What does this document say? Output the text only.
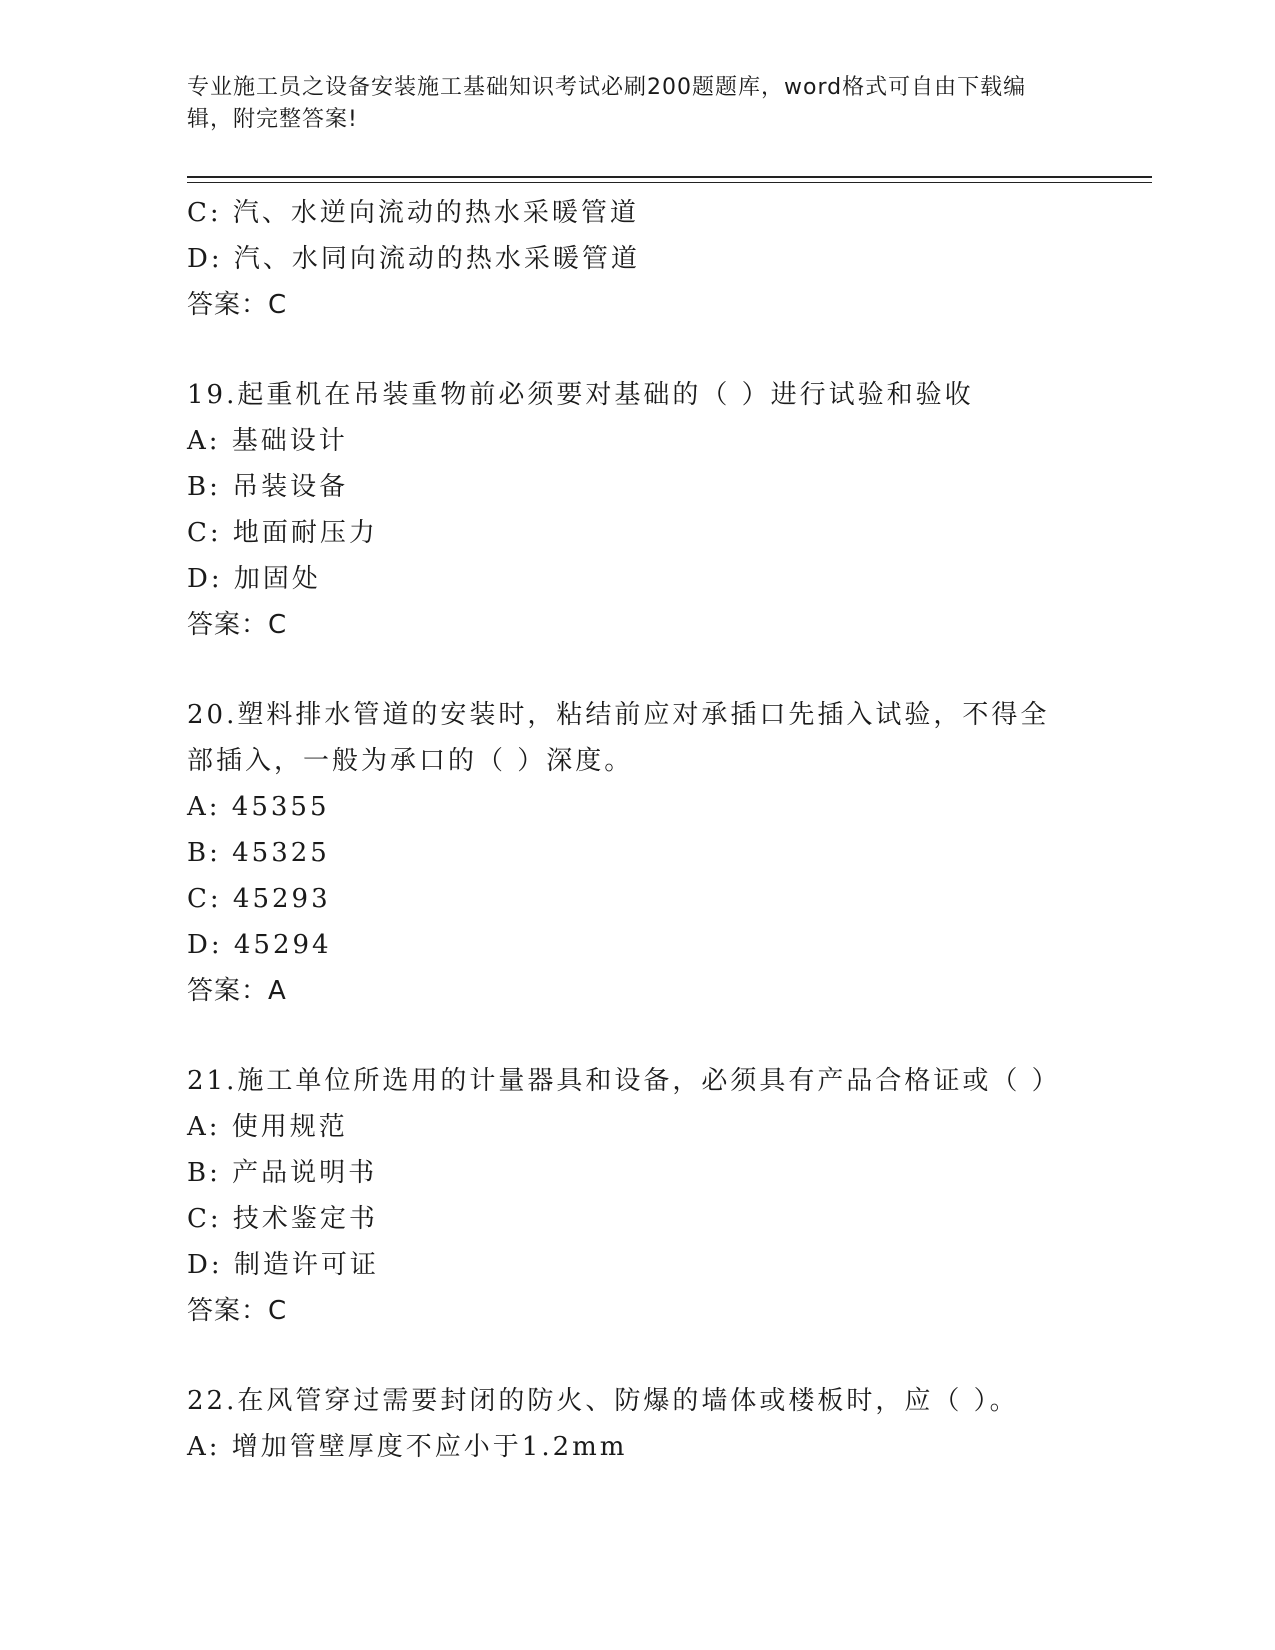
专业施工员之设备安装施工基础知识考试必刷200题题库，word格式可自由下载编辑，附完整答案!
C: 汽、水逆向流动的热水采暖管道
D: 汽、水同向流动的热水采暖管道
答案：C
19.起重机在吊装重物前必须要对基础的（ ）进行试验和验收
A: 基础设计
B: 吊装设备
C: 地面耐压力
D: 加固处
答案：C
20.塑料排水管道的安装时，粘结前应对承插口先插入试验，不得全部插入，一般为承口的（ ）深度。
A: 45355
B: 45325
C: 45293
D: 45294
答案：A
21.施工单位所选用的计量器具和设备，必须具有产品合格证或（ ）
A: 使用规范
B: 产品说明书
C: 技术鉴定书
D: 制造许可证
答案：C
22.在风管穿过需要封闭的防火、防爆的墙体或楼板时，应（ ）。
A: 增加管壁厚度不应小于1.2mm
